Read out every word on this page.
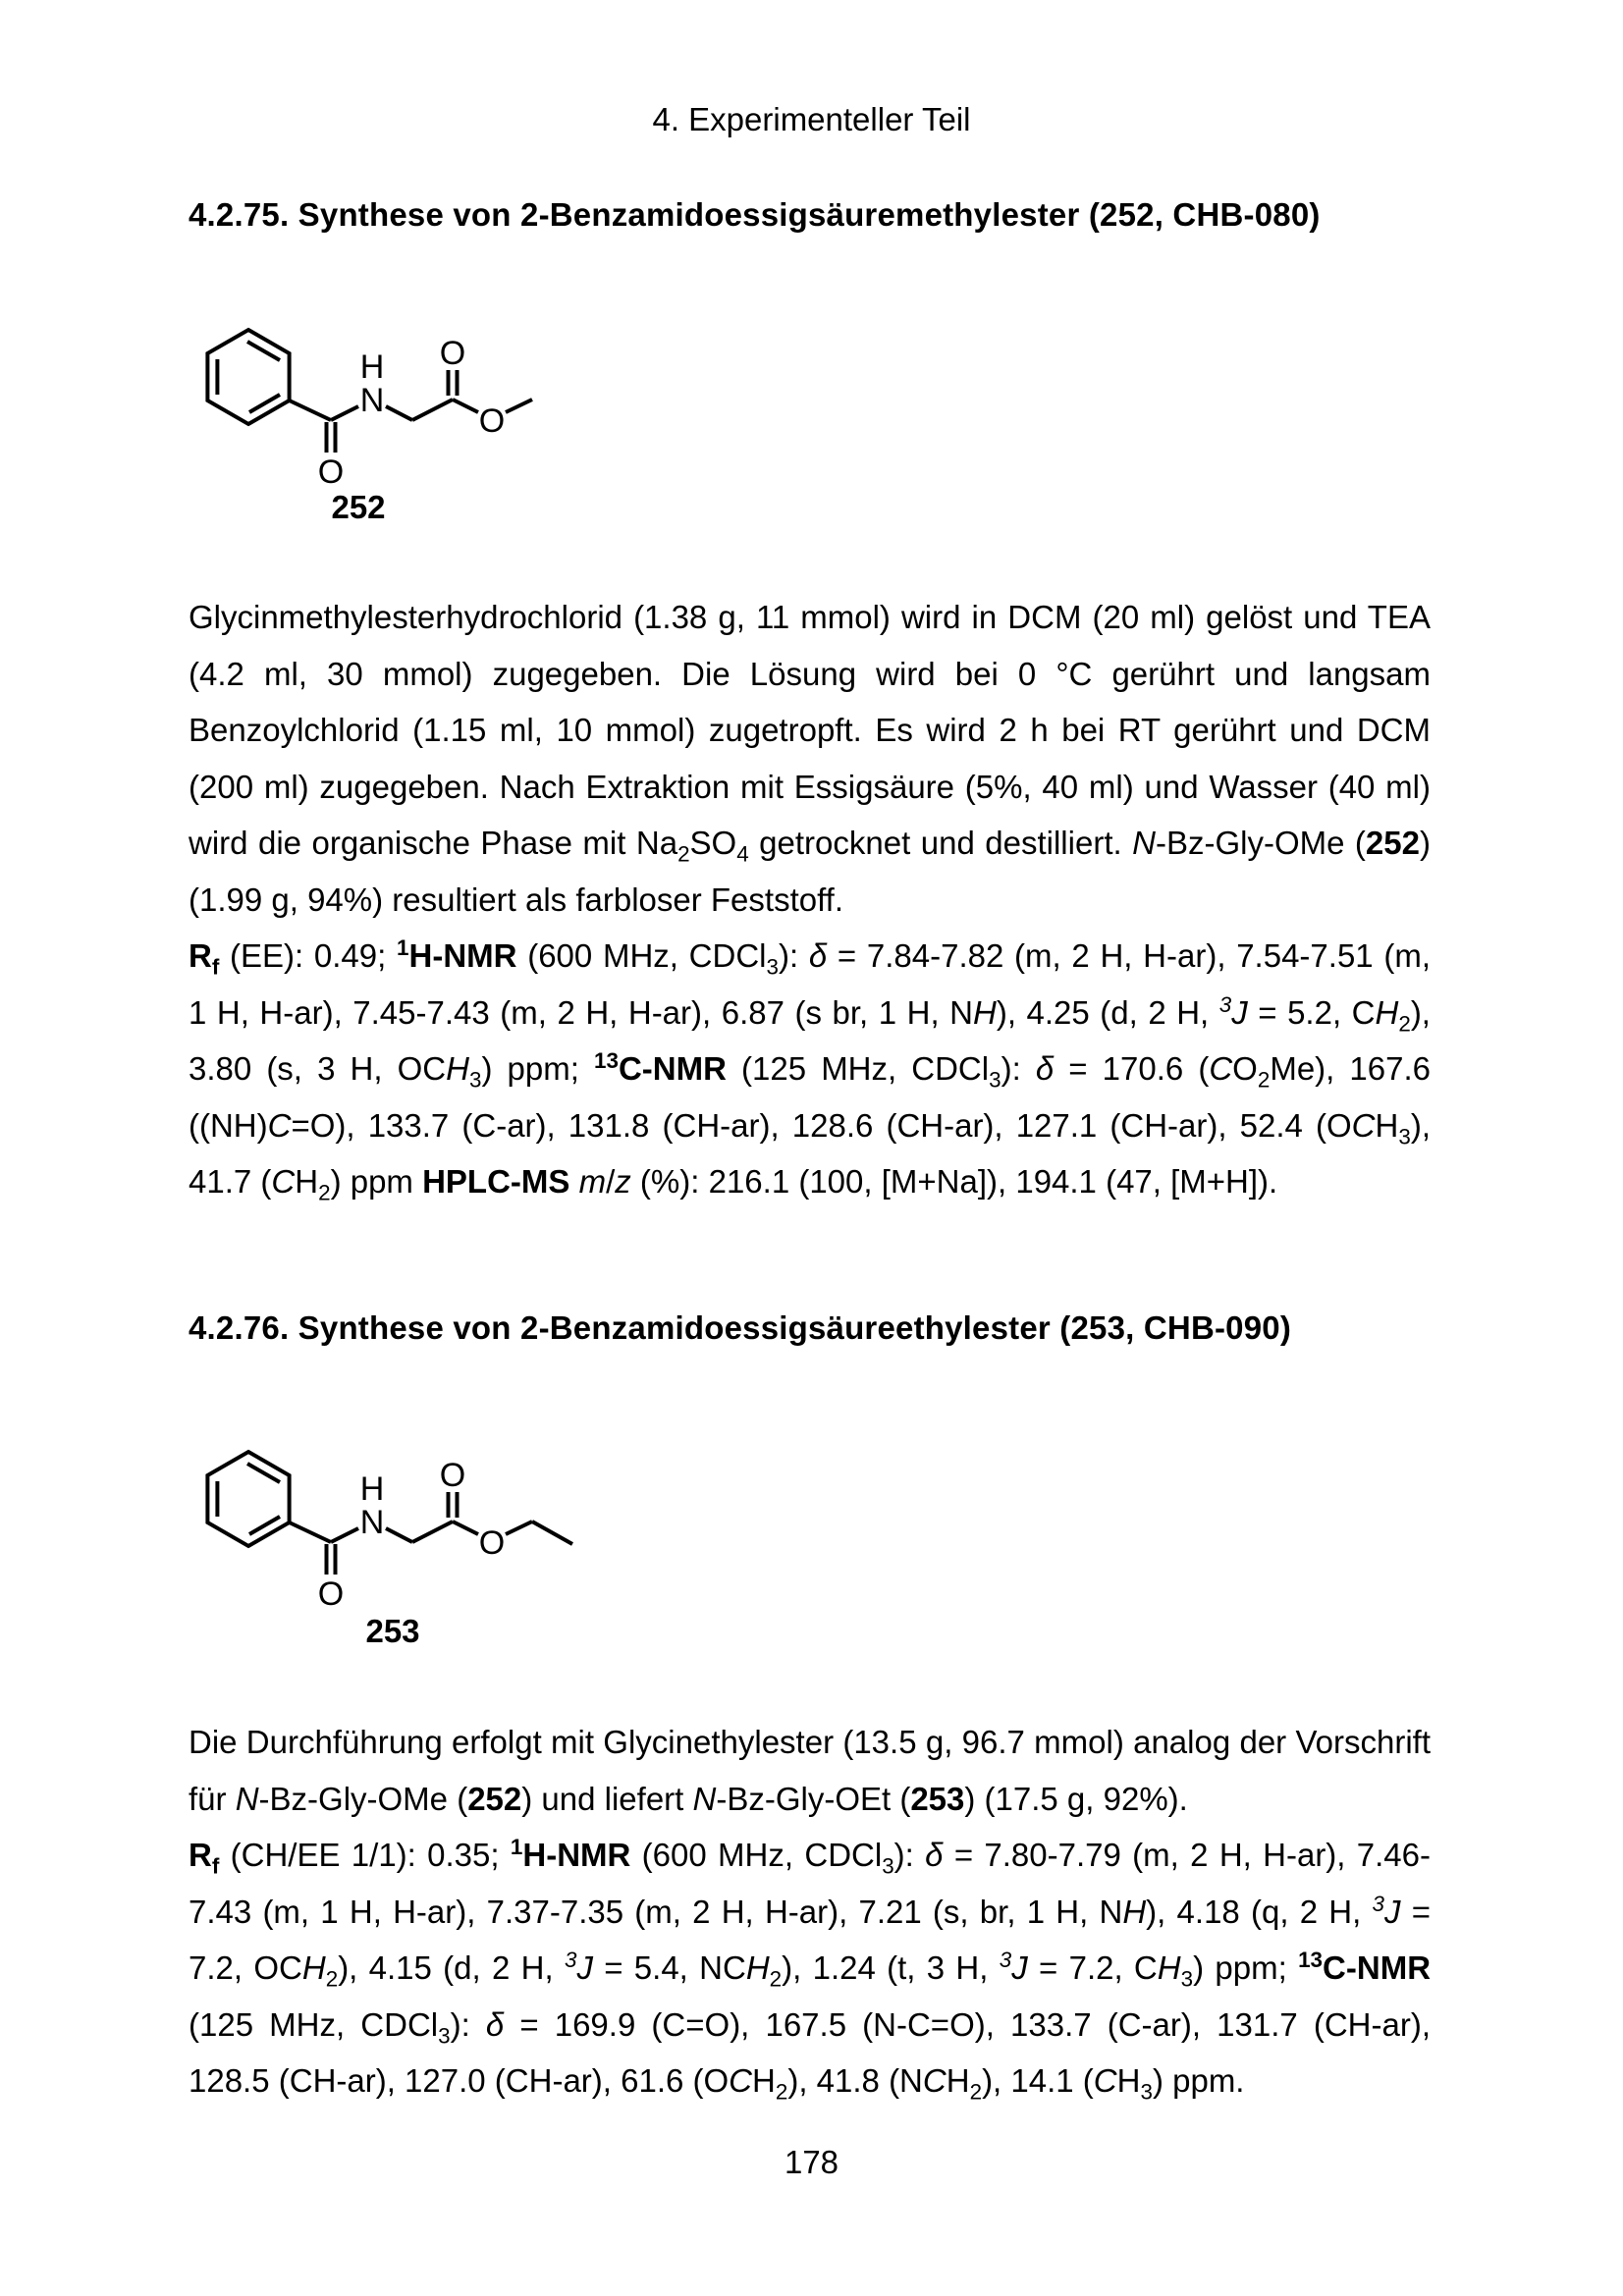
4. Experimenteller Teil
4.2.75. Synthese von 2-Benzamidoessigsäuremethylester (252, CHB-080)
H
N
O
O
O
252
Glycinmethylesterhydrochlorid (1.38 g, 11 mmol) wird in DCM (20 ml) gelöst und TEA (4.2 ml, 30 mmol) zugegeben. Die Lösung wird bei 0 °C gerührt und langsam Benzoylchlorid (1.15 ml, 10 mmol) zugetropft. Es wird 2 h bei RT gerührt und DCM (200 ml) zugegeben. Nach Extraktion mit Essigsäure (5%, 40 ml) und Wasser (40 ml) wird die organische Phase mit $Na_2SO_4$ getrocknet und destilliert. N-Bz-Gly-OMe (252) (1.99 g, 94%) resultiert als farbloser Feststoff.
$R_f$ (EE): 0.49; $^1$H-NMR (600 MHz, CDCl$_3$): δ = 7.84-7.82 (m, 2 H, H-ar), 7.54-7.51 (m, 1 H, H-ar), 7.45-7.43 (m, 2 H, H-ar), 6.87 (s br, 1 H, NH), 4.25 (d, 2 H, $^3$J = 5.2, $CH_2$), 3.80 (s, 3 H, $OCH_3$) ppm; $^{13}$C-NMR (125 MHz, CDCl$_3$): δ = 170.6 $(CO_2Me)$, 167.6 ((NH)C=O), 133.7 (C-ar), 131.8 (CH-ar), 128.6 (CH-ar), 127.1 (CH-ar), 52.4 $(OCH_3)$, 41.7 $(CH_2)$ ppm HPLC-MS m/z (%): 216.1 (100, [M+Na]), 194.1 (47, [M+H]).
4.2.76. Synthese von 2-Benzamidoessigsäureethylester (253, CHB-090)
H
N
O
O
O
253
Die Durchführung erfolgt mit Glycinethylester (13.5 g, 96.7 mmol) analog der Vorschrift für N-Bz-Gly-OMe (252) und liefert N-Bz-Gly-OEt (253) (17.5 g, 92%).
$R_f$ (CH/EE 1/1): 0.35; $^1$H-NMR (600 MHz, CDCl$_3$): δ = 7.80-7.79 (m, 2 H, H-ar), 7.46-7.43 (m, 1 H, H-ar), 7.37-7.35 (m, 2 H, H-ar), 7.21 (s, br, 1 H, NH), 4.18 (q, 2 H, $^3$J = 7.2, $OCH_2$), 4.15 (d, 2 H, $^3$J = 5.4, $NCH_2$), 1.24 (t, 3 H, $^3$J = 7.2, $CH_3$) ppm; $^{13}$C-NMR (125 MHz, CDCl$_3$): δ = 169.9 (C=O), 167.5 (N-C=O), 133.7 (C-ar), 131.7 (CH-ar), 128.5 (CH-ar), 127.0 (CH-ar), 61.6 $(OCH_2)$, 41.8 $(NCH_2)$, 14.1 $(CH_3)$ ppm.
178
